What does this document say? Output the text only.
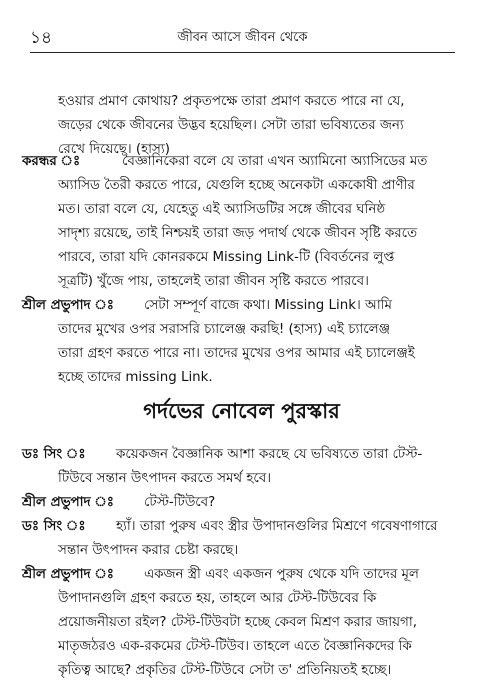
১৪	জীবন আসে জীবন থেকে
হওয়ার প্রমাণ কোথায়? প্রকৃতপক্ষে তারা প্রমাণ করতে পারে না যে,
জড়ের থেকে জীবনের উদ্ভব হয়েছিল। সেটা তারা ভবিষ্যতের জন্য
রেখে দিয়েছে। (হাস্য)
করন্ধর ঃ	বৈজ্ঞানিকেরা বলে যে তারা এখন অ্যামিনো অ্যাসিডের মত
অ্যাসিড তৈরী করতে পারে, যেগুলি হচ্ছে অনেকটা এককোষী প্রাণীর
মত। তারা বলে যে, যেহেতু এই অ্যাসিডটির সঙ্গে জীবের ঘনিষ্ঠ
সাদৃশ্য রয়েছে, তাই নিশ্চয়ই তারা জড় পদার্থ থেকে জীবন সৃষ্টি করতে
পারবে, তারা যদি কোনরকমে Missing Link-টি (বিবর্তনের লুপ্ত
সূত্রটি) খুঁজে পায়, তাহলেই তারা জীবন সৃষ্টি করতে পারবে।
শ্রীল প্রভুপাদ ঃ	সেটা সম্পূর্ণ বাজে কথা। Missing Link। আমি
তাদের মুখের ওপর সরাসরি চ্যালেঞ্জ করছি! (হাস্য) এই চ্যালেঞ্জ
তারা গ্রহণ করতে পারে না। তাদের মুখের ওপর আমার এই চ্যালেঞ্জই
হচ্ছে তাদের missing Link.
গর্দভের নোবেল পুরস্কার
ডঃ সিং ঃ	কয়েকজন বৈজ্ঞানিক আশা করছে যে ভবিষ্যতে তারা টেস্ট-
টিউবে সন্তান উৎপাদন করতে সমর্থ হবে।
শ্রীল প্রভুপাদ ঃ	টেস্ট-টিউবে?
ডঃ সিং ঃ	হ্যাঁ। তারা পুরুষ এবং স্ত্রীর উপাদানগুলির মিশ্রণে গবেষণাগারে
সন্তান উৎপাদন করার চেষ্টা করছে।
শ্রীল প্রভুপাদ ঃ	একজন স্ত্রী এবং একজন পুরুষ থেকে যদি তাদের মূল
উপাদানগুলি গ্রহণ করতে হয়, তাহলে আর টেস্ট-টিউবের কি
প্রয়োজনীয়তা রইল? টেস্ট-টিউবটা হচ্ছে কেবল মিশ্রণ করার জায়গা,
মাতৃজঠরও এক-রকমের টেস্ট-টিউব। তাহলে এতে বৈজ্ঞানিকদের কি
কৃতিত্ব আছে? প্রকৃতির টেস্ট-টিউবে সেটা ত' প্রতিনিয়তই হচ্ছে।
